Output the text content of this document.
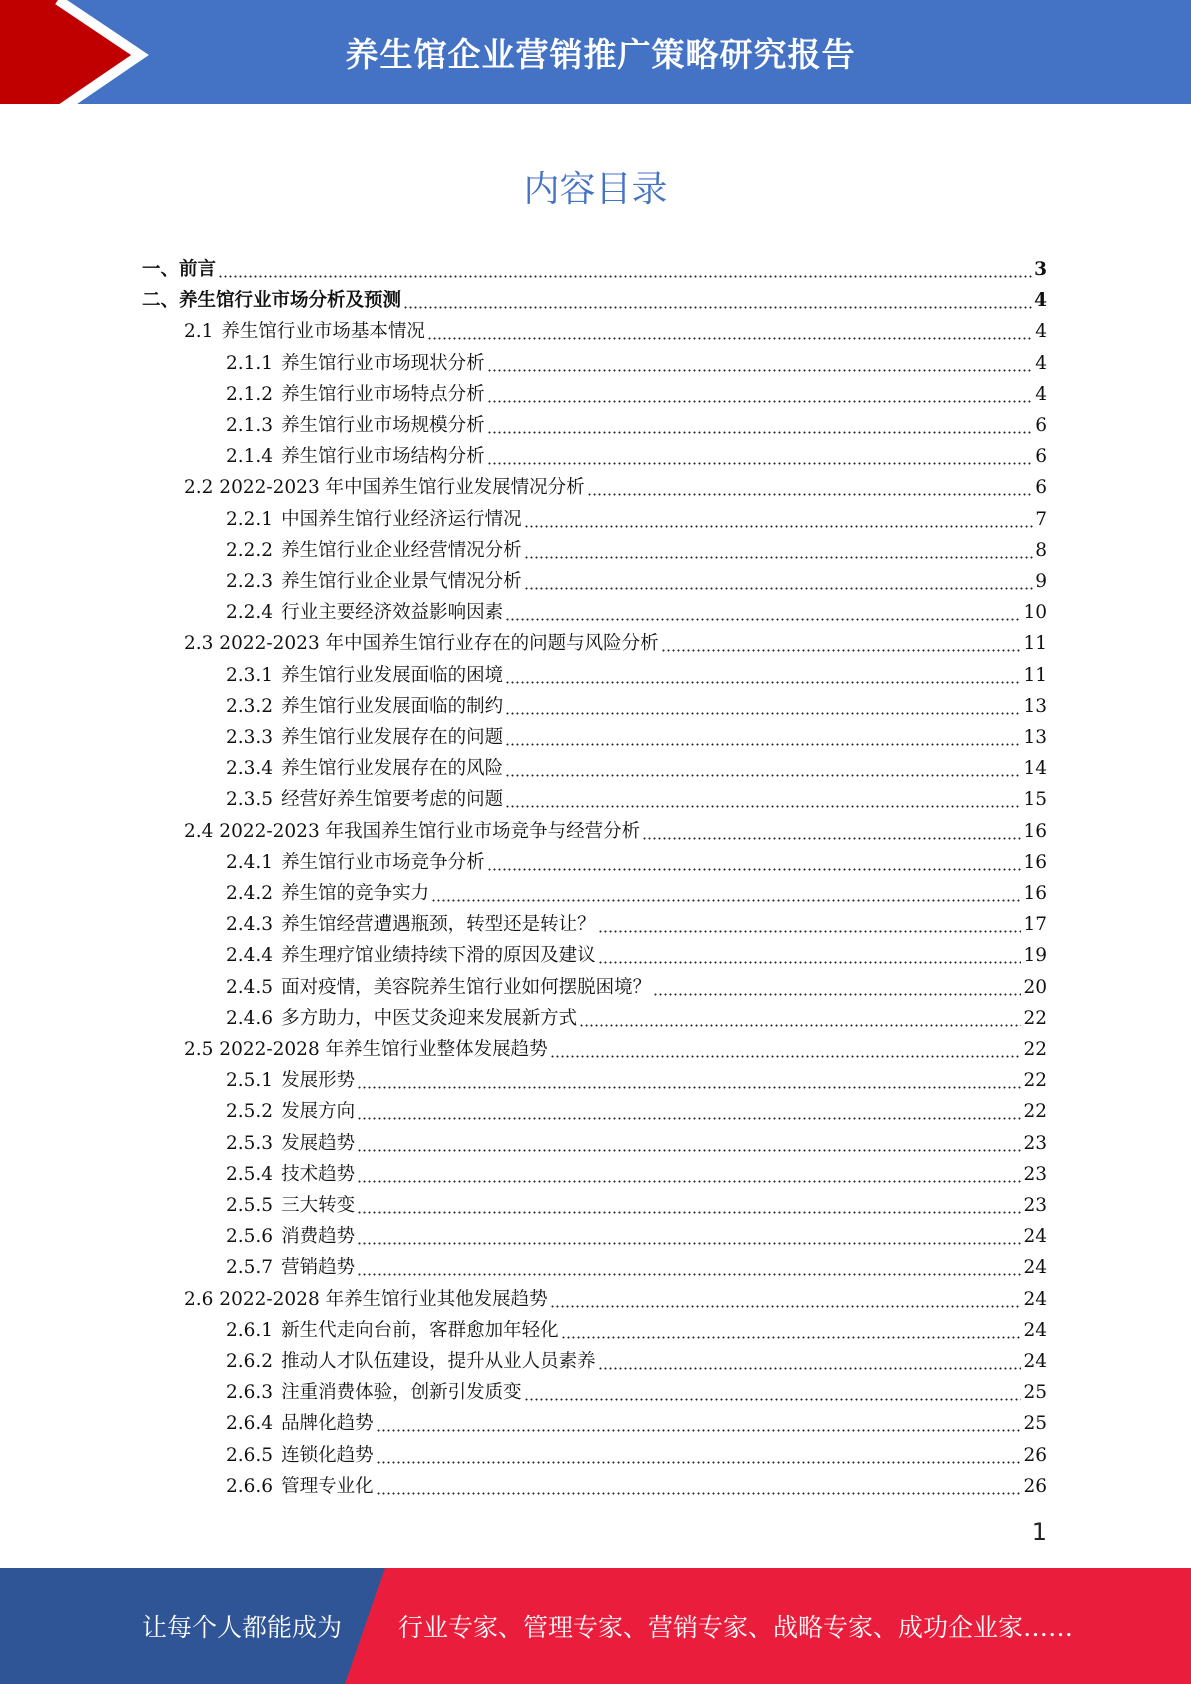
养生馆企业营销推广策略研究报告
内容目录
一、前言	3
二、养生馆行业市场分析及预测	4
2.1 养生馆行业市场基本情况	4
2.1.1 养生馆行业市场现状分析	4
2.1.2 养生馆行业市场特点分析	4
2.1.3 养生馆行业市场规模分析	6
2.1.4 养生馆行业市场结构分析	6
2.2 2022-2023 年中国养生馆行业发展情况分析	6
2.2.1 中国养生馆行业经济运行情况	7
2.2.2 养生馆行业企业经营情况分析	8
2.2.3 养生馆行业企业景气情况分析	9
2.2.4 行业主要经济效益影响因素	10
2.3 2022-2023 年中国养生馆行业存在的问题与风险分析	11
2.3.1 养生馆行业发展面临的困境	11
2.3.2 养生馆行业发展面临的制约	13
2.3.3 养生馆行业发展存在的问题	13
2.3.4 养生馆行业发展存在的风险	14
2.3.5 经营好养生馆要考虑的问题	15
2.4 2022-2023 年我国养生馆行业市场竞争与经营分析	16
2.4.1 养生馆行业市场竞争分析	16
2.4.2 养生馆的竞争实力	16
2.4.3 养生馆经营遭遇瓶颈，转型还是转让？	17
2.4.4 养生理疗馆业绩持续下滑的原因及建议	19
2.4.5 面对疫情，美容院养生馆行业如何摆脱困境？	20
2.4.6 多方助力，中医艾灸迎来发展新方式	22
2.5 2022-2028 年养生馆行业整体发展趋势	22
2.5.1 发展形势	22
2.5.2 发展方向	22
2.5.3 发展趋势	23
2.5.4 技术趋势	23
2.5.5 三大转变	23
2.5.6 消费趋势	24
2.5.7 营销趋势	24
2.6 2022-2028 年养生馆行业其他发展趋势	24
2.6.1 新生代走向台前，客群愈加年轻化	24
2.6.2 推动人才队伍建设，提升从业人员素养	24
2.6.3 注重消费体验，创新引发质变	25
2.6.4 品牌化趋势	25
2.6.5 连锁化趋势	26
2.6.6 管理专业化	26
1
让每个人都能成为 行业专家、管理专家、营销专家、战略专家、成功企业家……
